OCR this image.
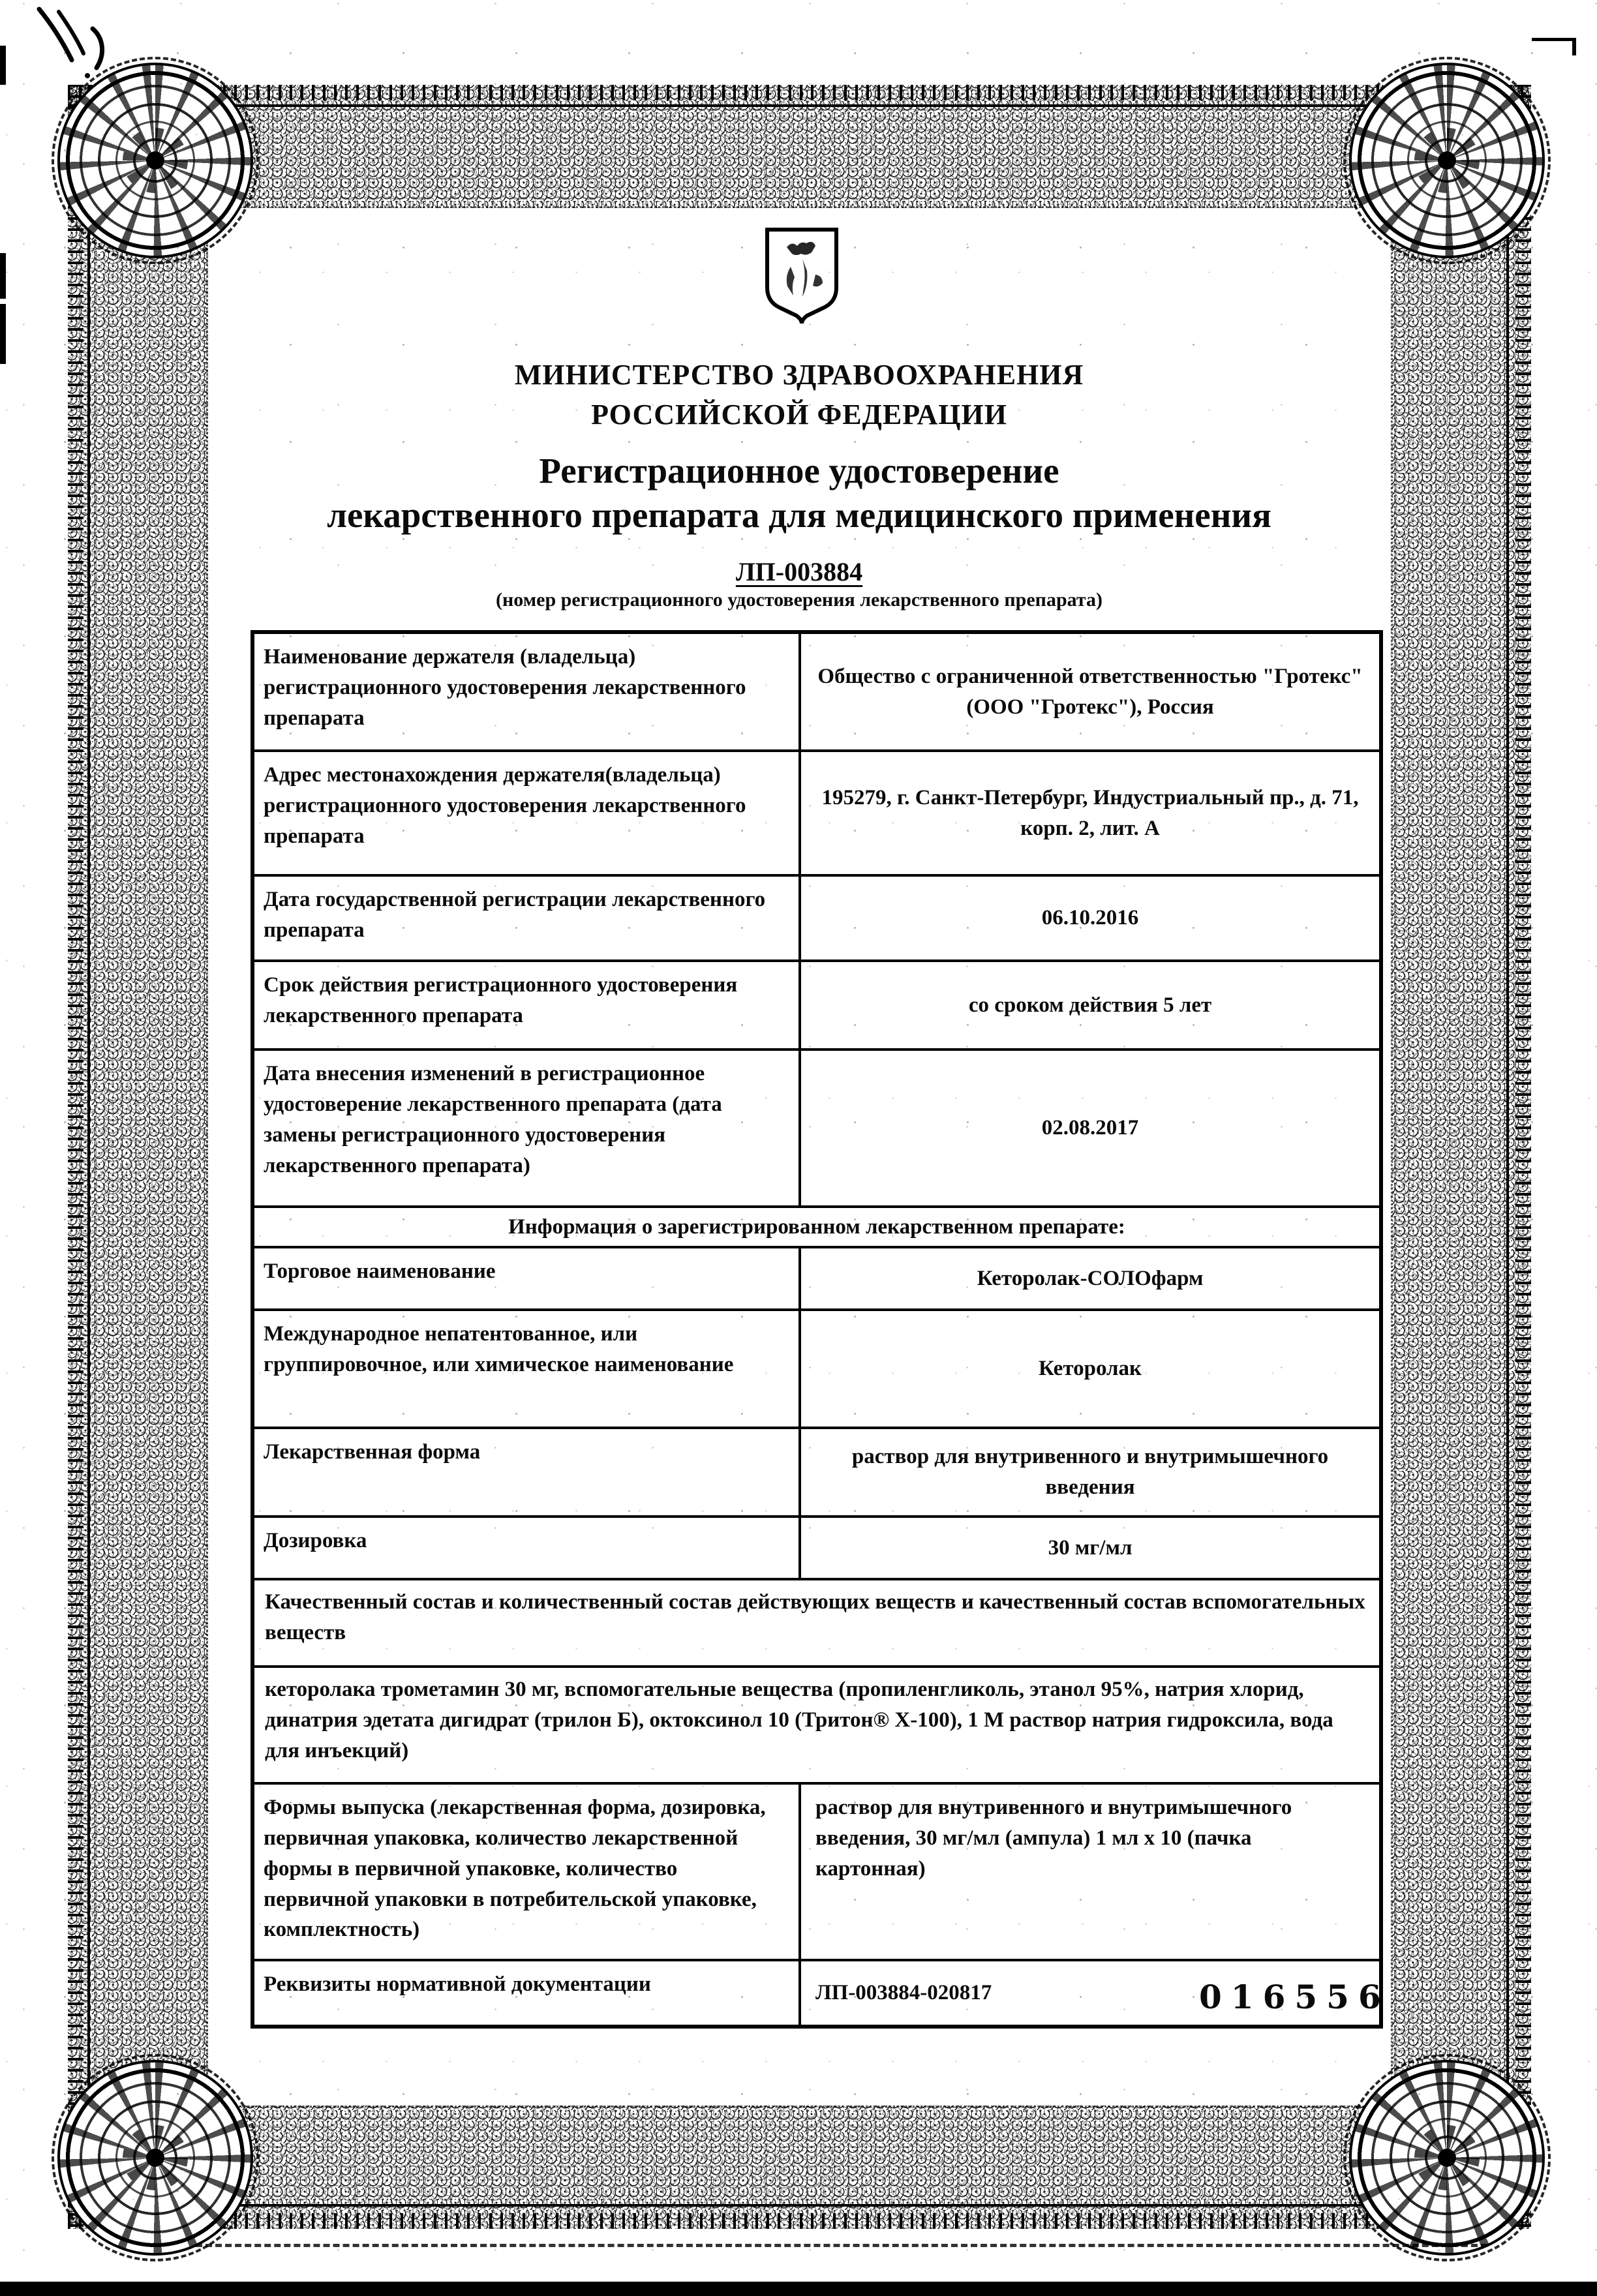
МИНИСТЕРСТВО ЗДРАВООХРАНЕНИЯ
РОССИЙСКОЙ ФЕДЕРАЦИИ
Регистрационное удостоверение
лекарственного препарата для медицинского применения
ЛП-003884
(номер регистрационного удостоверения лекарственного препарата)
Наименование держателя (владельца) регистрационного удостоверения лекарственного препарата	Общество с ограниченной ответственностью "Гротекс" (ООО "Гротекс"), Россия
Адрес местонахождения держателя(владельца) регистрационного удостоверения лекарственного препарата	195279, г. Санкт-Петербург, Индустриальный пр., д. 71, корп. 2, лит. А
Дата государственной регистрации лекарственного препарата	06.10.2016
Срок действия регистрационного удостоверения лекарственного препарата	со сроком действия 5 лет
Дата внесения изменений в регистрационное удостоверение лекарственного препарата (дата замены регистрационного удостоверения лекарственного препарата)	02.08.2017
Информация о зарегистрированном лекарственном препарате:	
Торговое наименование	Кеторолак-СОЛОфарм
Международное непатентованное, или группировочное, или химическое наименование	Кеторолак
Лекарственная форма	раствор для внутривенного и внутримышечного введения
Дозировка	30 мг/мл
Качественный состав и количественный состав действующих веществ и качественный состав вспомогательных веществ	
кеторолака трометамин 30 мг, вспомогательные вещества (пропиленгликоль, этанол 95%, натрия хлорид, динатрия эдетата дигидрат (трилон Б), октоксинол 10 (Тритон® X-100), 1 М раствор натрия гидроксила, вода для инъекций)	
Формы выпуска (лекарственная форма, дозировка, первичная упаковка, количество лекарственной формы в первичной упаковке, количество первичной упаковки в потребительской упаковке, комплектность)	раствор для внутривенного и внутримышечного введения, 30 мг/мл (ампула) 1 мл х 10 (пачка картонная)
Реквизиты нормативной документации	ЛП-003884-020817	016556
